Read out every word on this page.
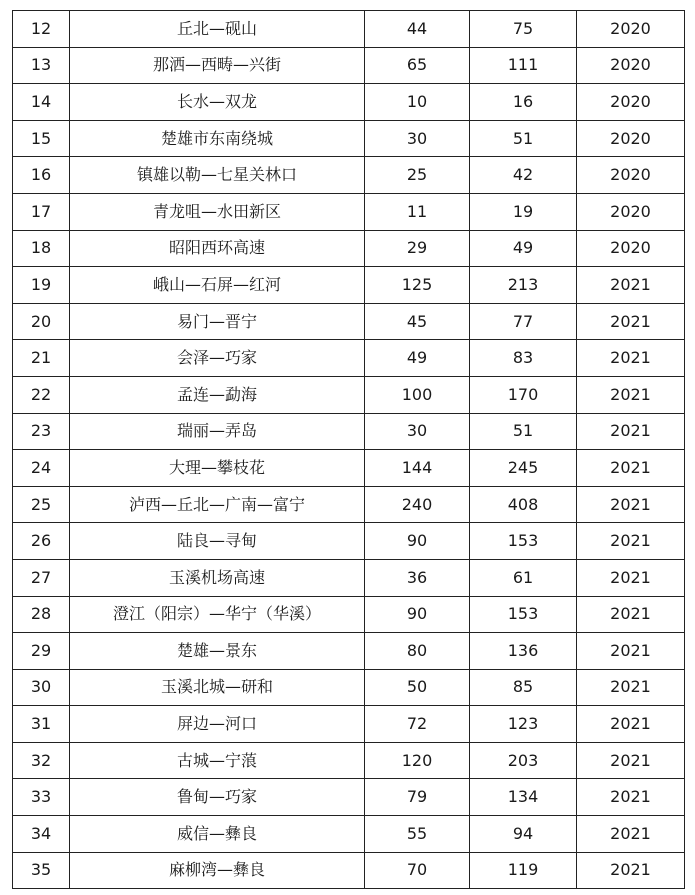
12	丘北—砚山	44	75	2020
13	那洒—西畴—兴街	65	111	2020
14	长水—双龙	10	16	2020
15	楚雄市东南绕城	30	51	2020
16	镇雄以勒—七星关林口	25	42	2020
17	青龙咀—水田新区	11	19	2020
18	昭阳西环高速	29	49	2020
19	峨山—石屏—红河	125	213	2021
20	易门—晋宁	45	77	2021
21	会泽—巧家	49	83	2021
22	孟连—勐海	100	170	2021
23	瑞丽—弄岛	30	51	2021
24	大理—攀枝花	144	245	2021
25	泸西—丘北—广南—富宁	240	408	2021
26	陆良—寻甸	90	153	2021
27	玉溪机场高速	36	61	2021
28	澄江（阳宗）—华宁（华溪）	90	153	2021
29	楚雄—景东	80	136	2021
30	玉溪北城—研和	50	85	2021
31	屏边—河口	72	123	2021
32	古城—宁蒗	120	203	2021
33	鲁甸—巧家	79	134	2021
34	威信—彝良	55	94	2021
35	麻柳湾—彝良	70	119	2021
